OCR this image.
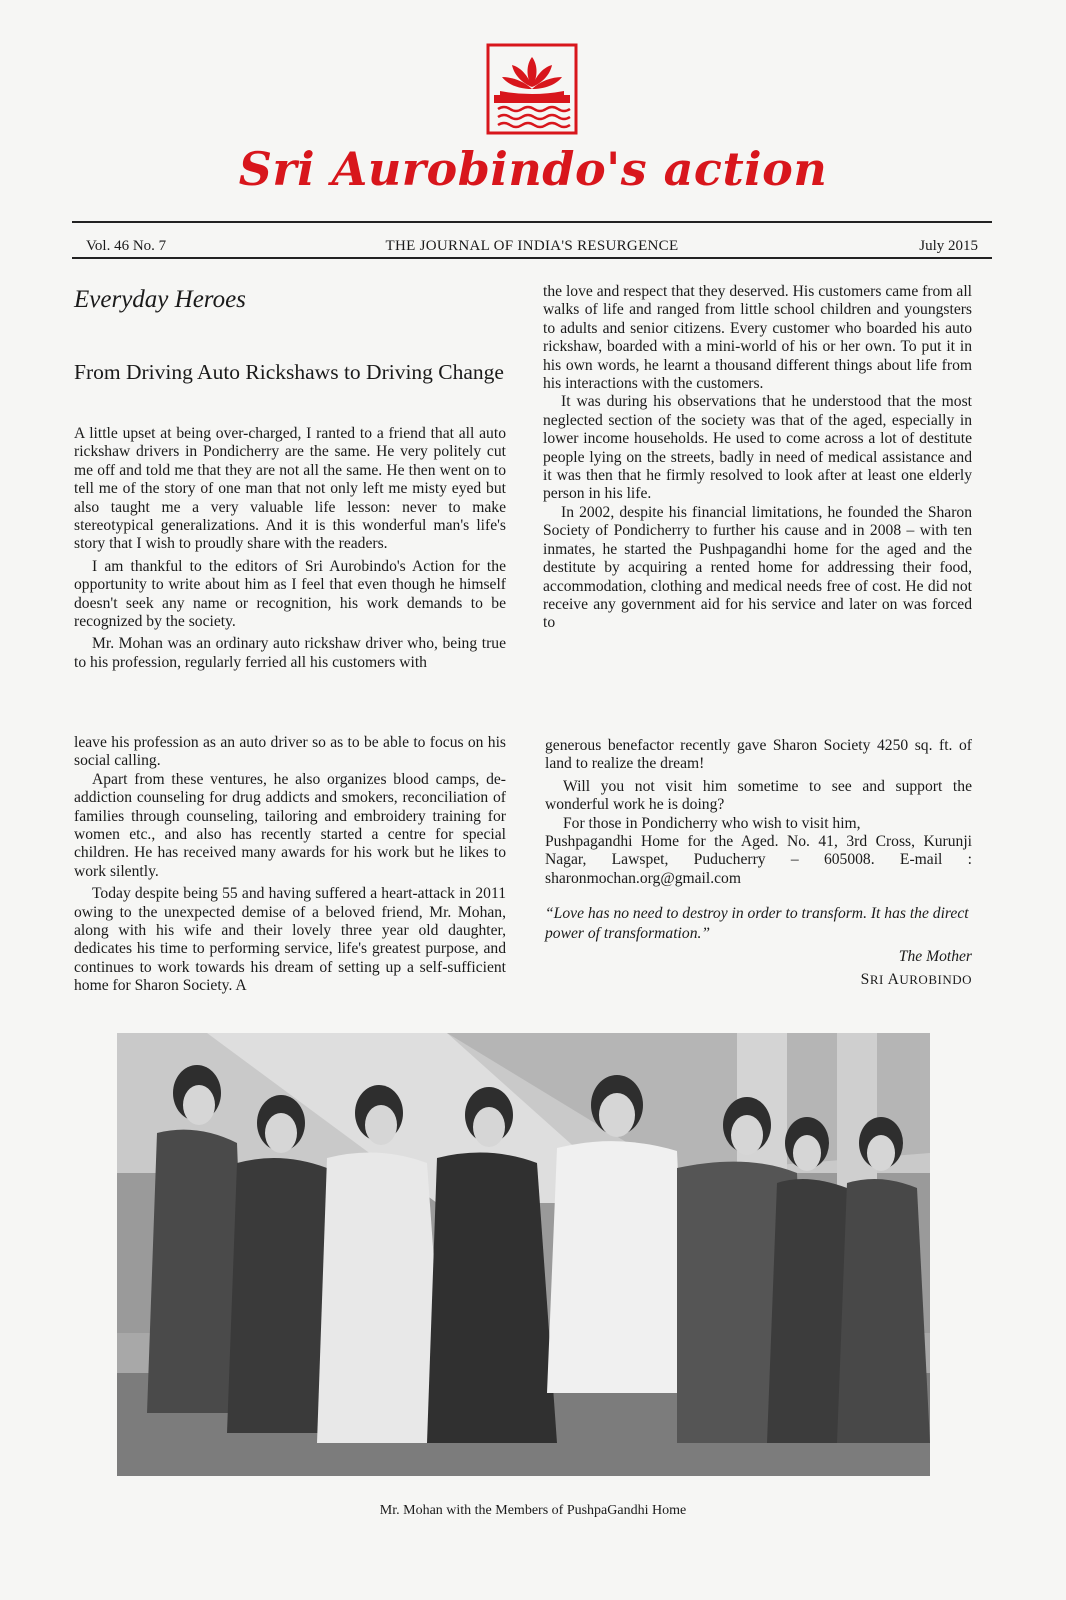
Sri Aurobindo's action
Vol. 46 No. 7	THE JOURNAL OF INDIA'S RESURGENCE	July 2015
Everyday Heroes
From Driving Auto Rickshaws to Driving Change

A little upset at being over-charged, I ranted to a friend that all auto rickshaw drivers in Pondicherry are the same. He very politely cut me off and told me that they are not all the same. He then went on to tell me of the story of one man that not only left me misty eyed but also taught me a very valuable life lesson: never to make stereotypical generalizations. And it is this wonderful man's life's story that I wish to proudly share with the readers.

I am thankful to the editors of Sri Aurobindo's Action for the opportunity to write about him as I feel that even though he himself doesn't seek any name or recognition, his work demands to be recognized by the society.

Mr. Mohan was an ordinary auto rickshaw driver who, being true to his profession, regularly ferried all his customers with

the love and respect that they deserved. His customers came from all walks of life and ranged from little school children and youngsters to adults and senior citizens. Every customer who boarded his auto rickshaw, boarded with a mini-world of his or her own. To put it in his own words, he learnt a thousand different things about life from his interactions with the customers.

It was during his observations that he understood that the most neglected section of the society was that of the aged, especially in lower income households. He used to come across a lot of destitute people lying on the streets, badly in need of medical assistance and it was then that he firmly resolved to look after at least one elderly person in his life.

In 2002, despite his financial limitations, he founded the Sharon Society of Pondicherry to further his cause and in 2008 – with ten inmates, he started the Pushpagandhi home for the aged and the destitute by acquiring a rented home for addressing their food, accommodation, clothing and medical needs free of cost. He did not receive any government aid for his service and later on was forced to

leave his profession as an auto driver so as to be able to focus on his social calling.

Apart from these ventures, he also organizes blood camps, de-addiction counseling for drug addicts and smokers, reconciliation of families through counseling, tailoring and embroidery training for women etc., and also has recently started a centre for special children. He has received many awards for his work but he likes to work silently.

Today despite being 55 and having suffered a heart-attack in 2011 owing to the unexpected demise of a beloved friend, Mr. Mohan, along with his wife and their lovely three year old daughter, dedicates his time to performing service, life's greatest purpose, and continues to work towards his dream of setting up a self-sufficient home for Sharon Society. A

generous benefactor recently gave Sharon Society 4250 sq. ft. of land to realize the dream!

Will you not visit him sometime to see and support the wonderful work he is doing?

For those in Pondicherry who wish to visit him,

Pushpagandhi Home for the Aged. No. 41, 3rd Cross, Kurunji Nagar, Lawspet, Puducherry – 605008. E-mail : sharonmochan.org@gmail.com

“Love has no need to destroy in order to transform. It has the direct power of transformation.”

The Mother

SRI AUROBINDO

Mr. Mohan with the Members of PushpaGandhi Home
